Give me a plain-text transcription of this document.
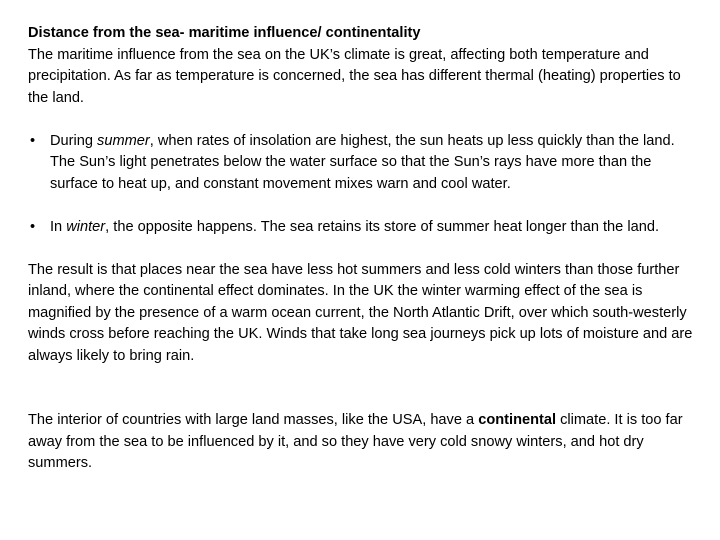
Distance from the sea- maritime influence/ continentality

The maritime influence from the sea on the UK’s climate is great, affecting both temperature and precipitation. As far as temperature is concerned, the sea has different thermal (heating) properties to the land.

• During summer, when rates of insolation are highest, the sun heats up less quickly than the land. The Sun’s light penetrates below the water surface so that the Sun’s rays have more than the surface to heat up, and constant movement mixes warn and cool water.
• In winter, the opposite happens. The sea retains its store of summer heat longer than the land.

The result is that places near the sea have less hot summers and less cold winters than those further inland, where the continental effect dominates. In the UK the winter warming effect of the sea is magnified by the presence of a warm ocean current, the North Atlantic Drift, over which south-westerly winds cross before reaching the UK. Winds that take long sea journeys pick up lots of moisture and are always likely to bring rain.

The interior of countries with large land masses, like the USA, have a continental climate. It is too far away from the sea to be influenced by it, and so they have very cold snowy winters, and hot dry summers.
